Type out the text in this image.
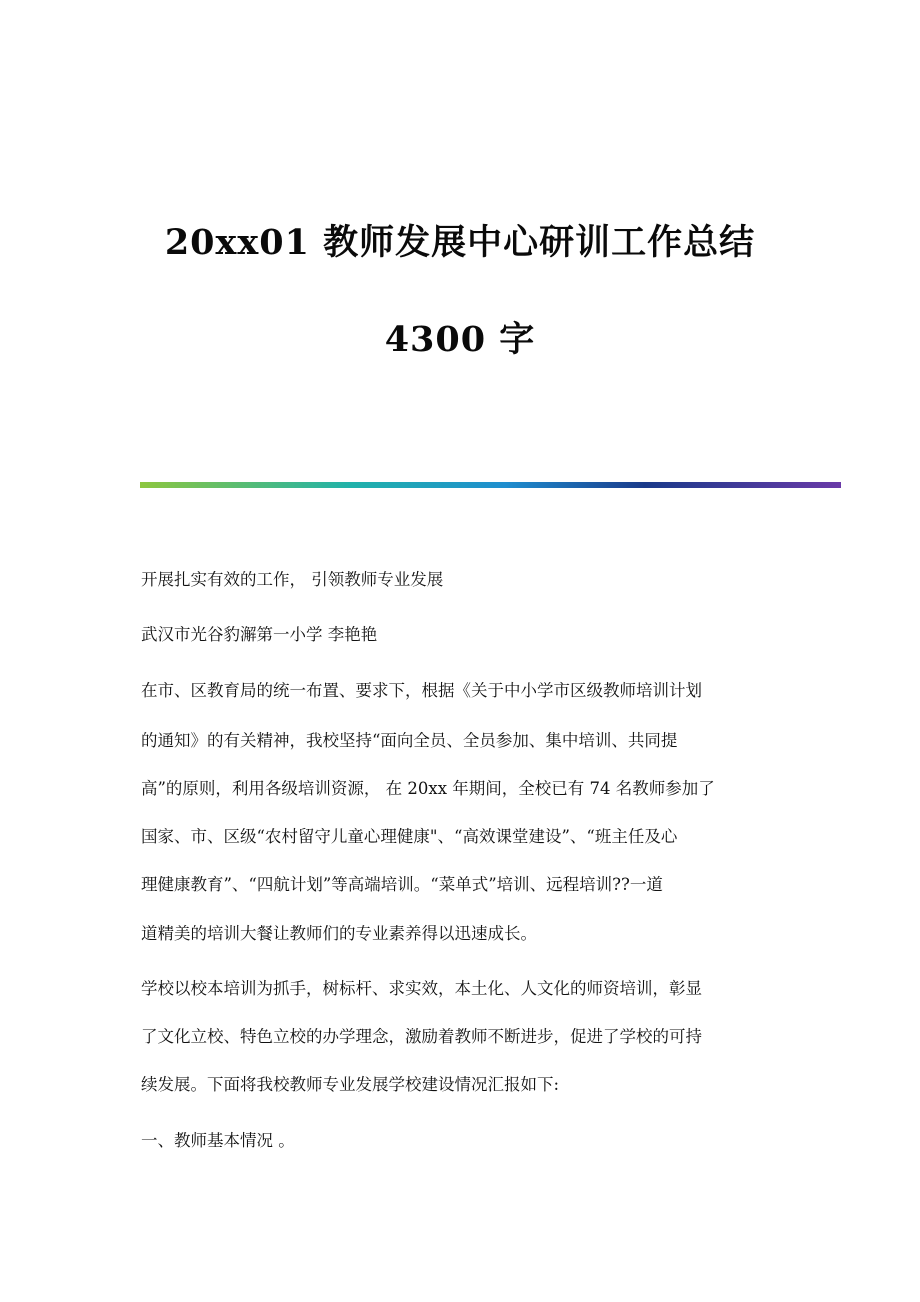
20xx01 教师发展中心研训工作总结
4300 字
开展扎实有效的工作， 引领教师专业发展
武汉市光谷豹澥第一小学 李艳艳
在市、区教育局的统一布置、要求下，根据《关于中小学市区级教师培训计划
的通知》的有关精神，我校坚持“面向全员、全员参加、集中培训、共同提
高”的原则，利用各级培训资源， 在 20xx 年期间，全校已有 74 名教师参加了
国家、市、区级“农村留守儿童心理健康"、“高效课堂建设”、“班主任及心
理健康教育”、“四航计划”等高端培训。“菜单式”培训、远程培训??一道
道精美的培训大餐让教师们的专业素养得以迅速成长。
学校以校本培训为抓手，树标杆、求实效，本土化、人文化的师资培训，彰显
了文化立校、特色立校的办学理念，激励着教师不断进步，促进了学校的可持
续发展。下面将我校教师专业发展学校建设情况汇报如下:
一、教师基本情况 。
